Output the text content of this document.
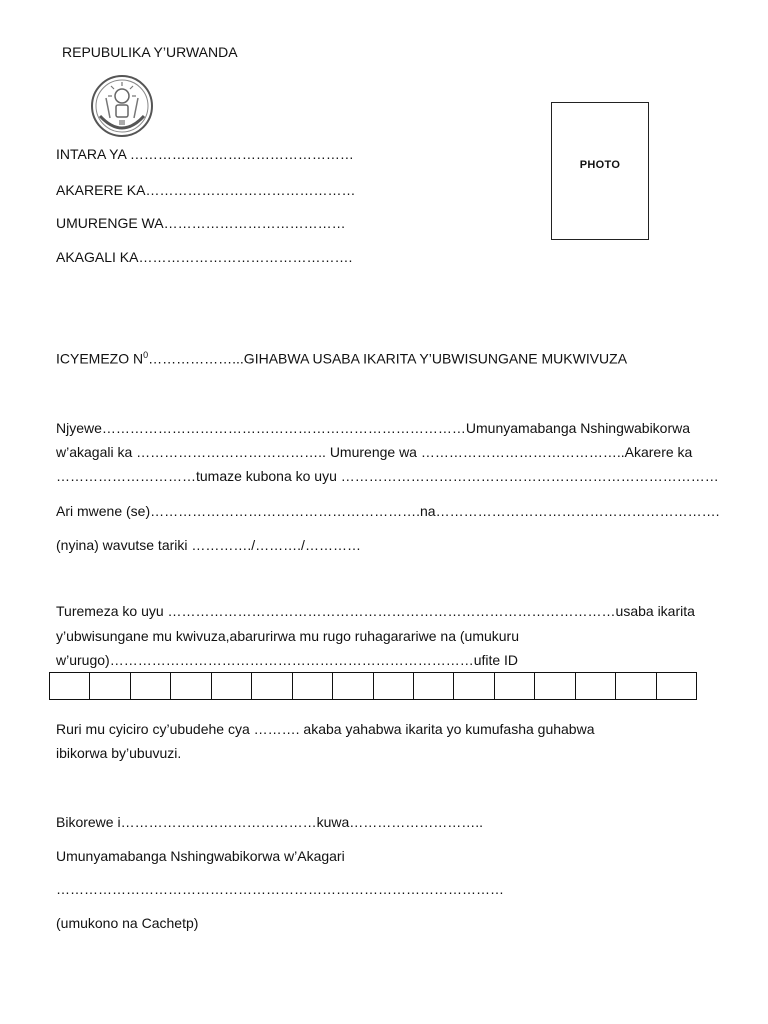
REPUBULIKA Y’URWANDA
INTARA YA …………………………………………
AKARERE KA………………………………………
UMURENGE WA…………………………………
AKAGALI KA……………………………………….
PHOTO
ICYEMEZO $N^0\dots\dots\dots\dots\dots\dots...GIHABWA$ USABA IKARITA Y’UBWISUNGANE MUKWIVUZA
Njyewe……………………………………………………………………Umunyamabanga Nshingwabikorwa
w’akagali ka ………………………………….. Umurenge wa ……………………………………..Akarere ka
…………………………tumaze kubona ko uyu ………………………………………………………………………
Ari mwene (se)………………………………………………….na…………………………………………………….
(nyina) wavutse tariki …………./………./…………
Turemeza ko uyu ……………………………………………………………………………………usaba ikarita
y’ubwisungane mu kwivuza,abarurirwa mu rugo ruhagarariwe na (umukuru
w’urugo)……………………………………………………………………ufite ID
Ruri mu cyiciro cy’ubudehe cya ………. akaba yahabwa ikarita yo kumufasha guhabwa
ibikorwa by’ubuvuzi.
Bikorewe i……………………………………kuwa………………………..
Umunyamabanga Nshingwabikorwa w’Akagari
……………………………………………………………………………………
(umukono na Cachetp)
